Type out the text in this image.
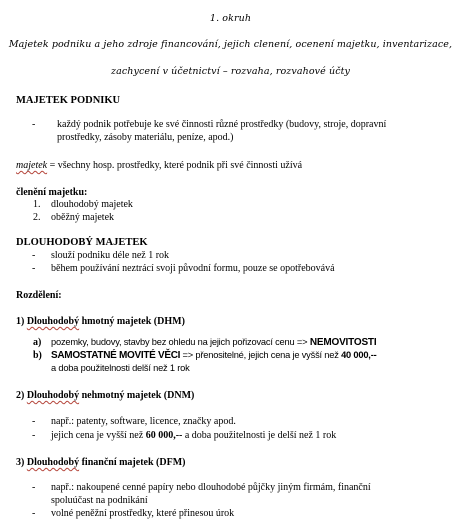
1. okruh
Majetek podniku a jeho zdroje financování, jejich clenení, ocenení majetku, inventarizace,
zachycení v účetnictví – rozvaha, rozvahové účty
MAJETEK PODNIKU
- každý podnik potřebuje ke své činnosti různé prostředky (budovy, stroje, dopravní
prostředky, zásoby materiálu, peníze, apod.)
majetek = všechny hosp. prostředky, které podnik při své činnosti užívá
členění majetku:
1. dlouhodobý majetek
2. oběžný majetek
DLOUHODOBÝ MAJETEK
- slouží podniku déle než 1 rok
- během používání neztrácí svoji původní formu, pouze se opotřebovává
Rozdělení:
1) Dlouhodobý hmotný majetek (DHM)
a) pozemky, budovy, stavby bez ohledu na jejich pořizovací cenu => NEMOVITOSTI
b) SAMOSTATNÉ MOVITÉ VĚCI => přenositelné, jejich cena je vyšší než 40 000,--
a doba použitelnosti delší než 1 rok
2) Dlouhodobý nehmotný majetek (DNM)
- např.: patenty, software, licence, značky apod.
- jejich cena je vyšší než 60 000,-- a doba použitelnosti je delší než 1 rok
3) Dlouhodobý finanční majetek (DFM)
- např.: nakoupené cenné papíry nebo dlouhodobé půjčky jiným firmám, finanční
spoluúčast na podnikání
- volné peněžní prostředky, které přinesou úrok
